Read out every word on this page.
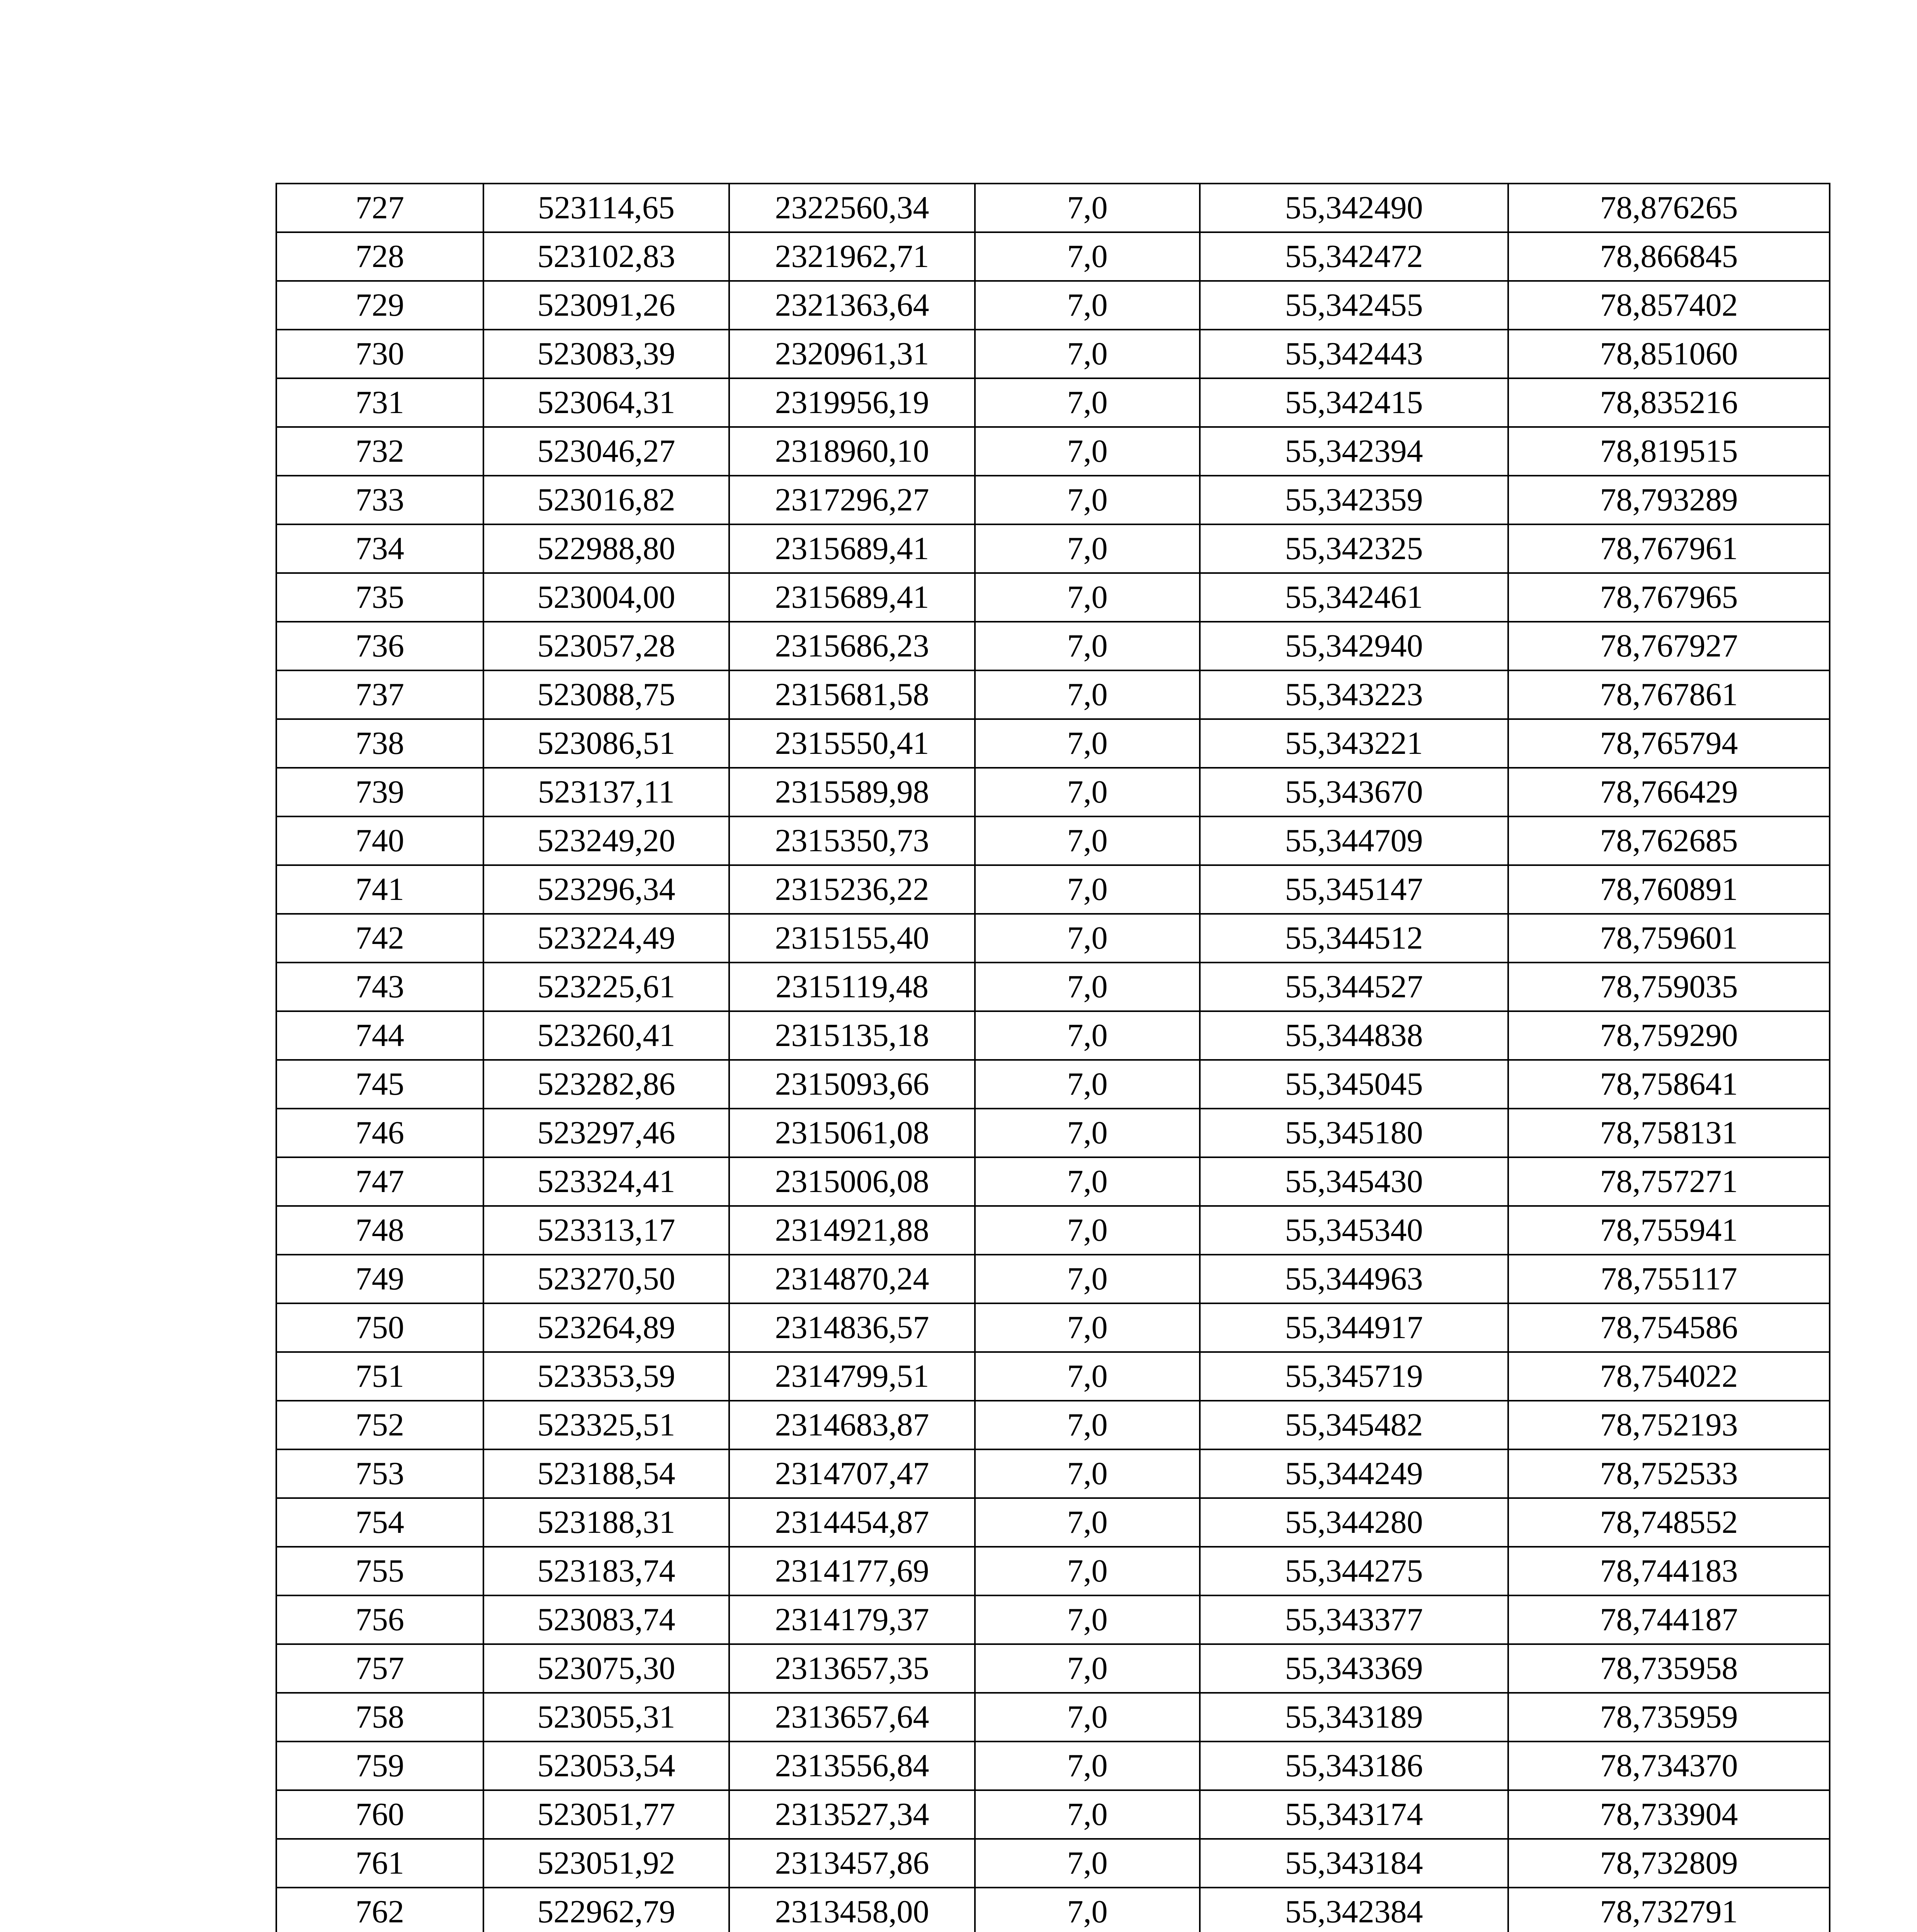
727	523114,65	2322560,34	7,0	55,342490	78,876265
728	523102,83	2321962,71	7,0	55,342472	78,866845
729	523091,26	2321363,64	7,0	55,342455	78,857402
730	523083,39	2320961,31	7,0	55,342443	78,851060
731	523064,31	2319956,19	7,0	55,342415	78,835216
732	523046,27	2318960,10	7,0	55,342394	78,819515
733	523016,82	2317296,27	7,0	55,342359	78,793289
734	522988,80	2315689,41	7,0	55,342325	78,767961
735	523004,00	2315689,41	7,0	55,342461	78,767965
736	523057,28	2315686,23	7,0	55,342940	78,767927
737	523088,75	2315681,58	7,0	55,343223	78,767861
738	523086,51	2315550,41	7,0	55,343221	78,765794
739	523137,11	2315589,98	7,0	55,343670	78,766429
740	523249,20	2315350,73	7,0	55,344709	78,762685
741	523296,34	2315236,22	7,0	55,345147	78,760891
742	523224,49	2315155,40	7,0	55,344512	78,759601
743	523225,61	2315119,48	7,0	55,344527	78,759035
744	523260,41	2315135,18	7,0	55,344838	78,759290
745	523282,86	2315093,66	7,0	55,345045	78,758641
746	523297,46	2315061,08	7,0	55,345180	78,758131
747	523324,41	2315006,08	7,0	55,345430	78,757271
748	523313,17	2314921,88	7,0	55,345340	78,755941
749	523270,50	2314870,24	7,0	55,344963	78,755117
750	523264,89	2314836,57	7,0	55,344917	78,754586
751	523353,59	2314799,51	7,0	55,345719	78,754022
752	523325,51	2314683,87	7,0	55,345482	78,752193
753	523188,54	2314707,47	7,0	55,344249	78,752533
754	523188,31	2314454,87	7,0	55,344280	78,748552
755	523183,74	2314177,69	7,0	55,344275	78,744183
756	523083,74	2314179,37	7,0	55,343377	78,744187
757	523075,30	2313657,35	7,0	55,343369	78,735958
758	523055,31	2313657,64	7,0	55,343189	78,735959
759	523053,54	2313556,84	7,0	55,343186	78,734370
760	523051,77	2313527,34	7,0	55,343174	78,733904
761	523051,92	2313457,86	7,0	55,343184	78,732809
762	522962,79	2313458,00	7,0	55,342384	78,732791
